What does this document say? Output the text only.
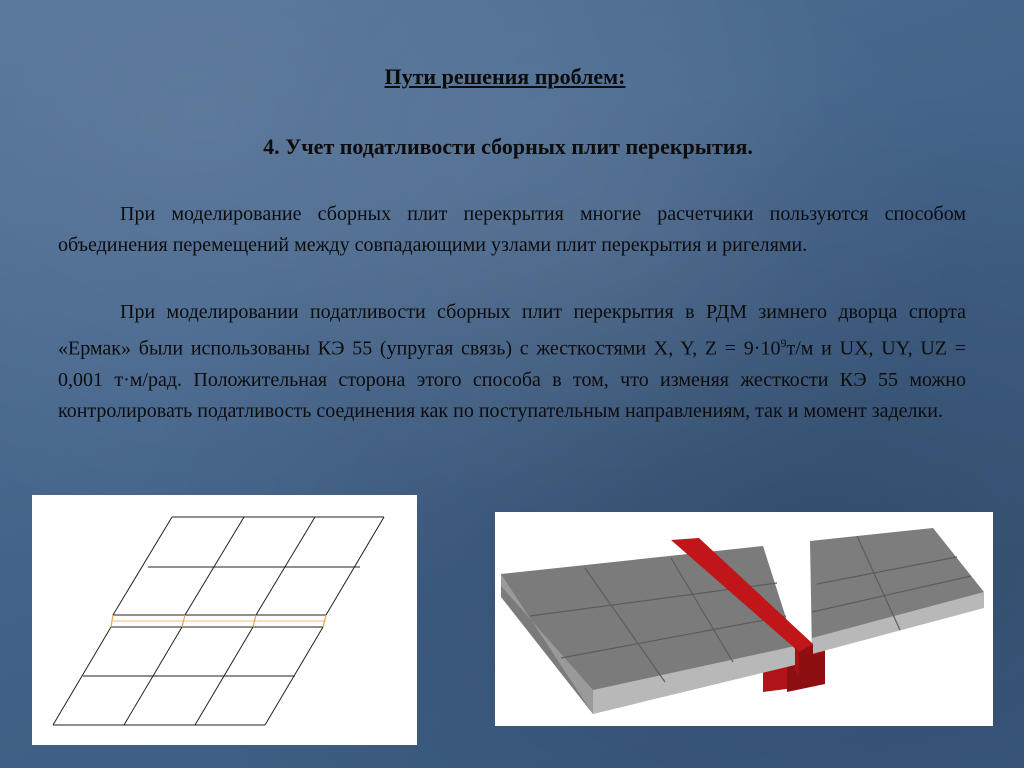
Пути решения проблем:
4. Учет податливости сборных плит перекрытия.
При моделирование сборных плит перекрытия многие расчетчики пользуются способом объединения перемещений между совпадающими узлами плит перекрытия и ригелями.
При моделировании податливости сборных плит перекрытия в РДМ зимнего дворца спорта «Ермак» были использованы КЭ 55 (упругая связь) с жесткостями X, Y, $Z = 9\cdot 10^9т/м$ и UX, UY, UZ = 0,001 т·м/рад. Положительная сторона этого способа в том, что изменяя жесткости КЭ 55 можно контролировать податливость соединения как по поступательным направлениям, так и момент заделки.
